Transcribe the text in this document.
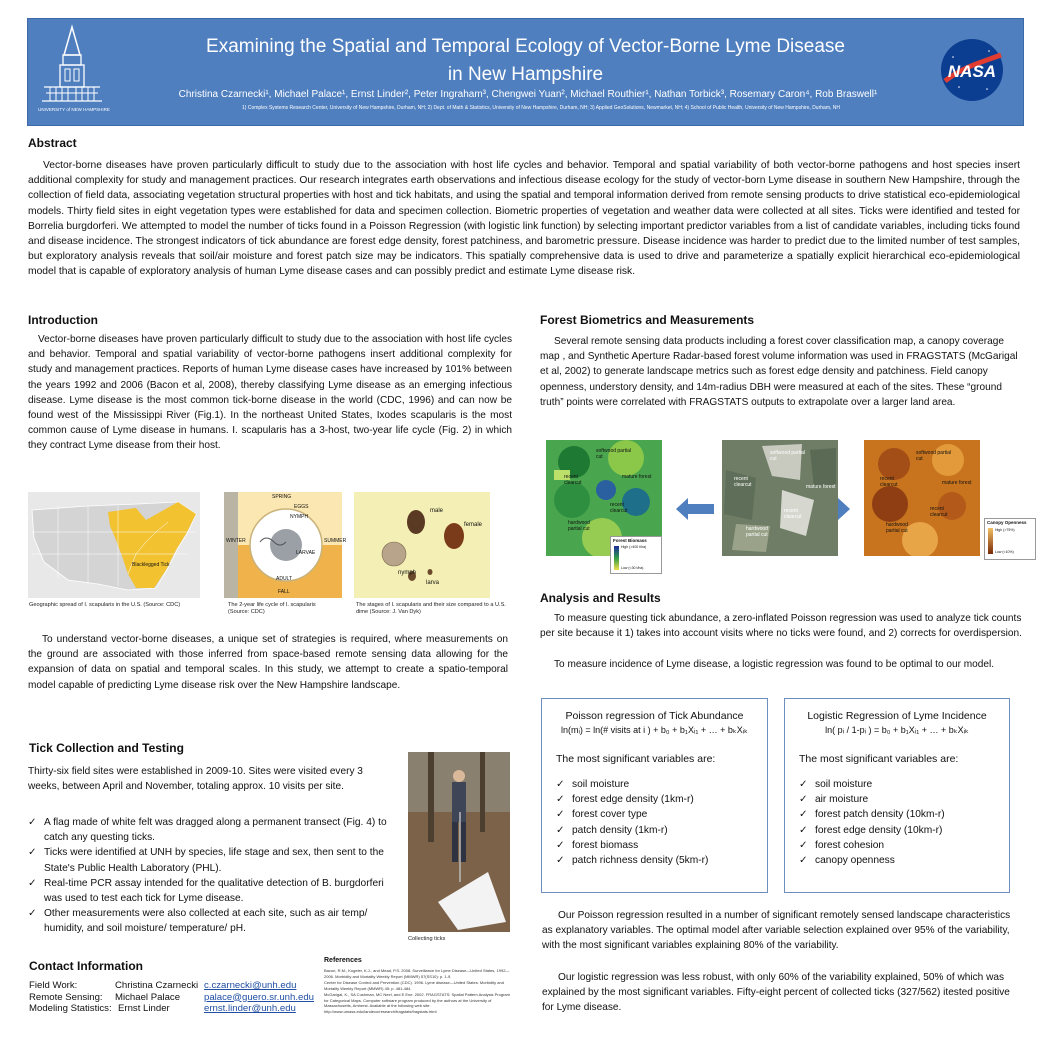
UNIVERSITY of NEW HAMPSHIRE
Examining the Spatial and Temporal Ecology of Vector-Borne Lyme Disease
in New Hampshire
Christina Czarnecki¹, Michael Palace¹, Ernst Linder², Peter Ingraham³, Chengwei Yuan², Michael Routhier¹, Nathan Torbick³, Rosemary Caron⁴, Rob Braswell¹
1) Complex Systems Research Center, University of New Hampshire, Durham, NH; 2) Dept. of Math & Statistics, University of New Hampshire, Durham, NH; 3) Applied GeoSolutions, Newmarket, NH; 4) School of Public Health, University of New Hampshire, Durham, NH
NASA
Abstract
Vector-borne diseases have proven particularly difficult to study due to the association with host life cycles and behavior. Temporal and spatial variability of both vector-borne pathogens and host species insert additional complexity for study and management practices. Our research integrates earth observations and infectious disease ecology for the study of vector-born Lyme disease in southern New Hampshire, through the collection of field data, associating vegetation structural properties with host and tick habitats, and using the spatial and temporal information derived from remote sensing products to drive statistical eco-epidemiological models. Thirty field sites in eight vegetation types were established for data and specimen collection. Biometric properties of vegetation and weather data were collected at all sites. Ticks were identified and tested for Borrelia burgdorferi. We attempted to model the number of ticks found in a Poisson Regression (with logistic link function) by selecting important predictor variables from a list of candidate variables, including ticks found and disease incidence. The strongest indicators of tick abundance are forest edge density, forest patchiness, and barometric pressure. Disease incidence was harder to predict due to the limited number of test samples, but exploratory analysis reveals that soil/air moisture and forest patch size may be indicators. This spatially comprehensive data is used to drive and parameterize a spatially explicit hierarchical eco-epidemiological model that is capable of exploratory analysis of human Lyme disease cases and can possibly predict and estimate Lyme disease risk.
Introduction
Vector-borne diseases have proven particularly difficult to study due to the association with host life cycles and behavior. Temporal and spatial variability of vector-borne pathogens insert additional complexity for study and management practices. Reports of human Lyme disease cases have increased by 101% between the years 1992 and 2006 (Bacon et al, 2008), thereby classifying Lyme disease as an emerging infectious disease. Lyme disease is the most common tick-borne disease in the world (CDC, 1996) and can now be found west of the Mississippi River (Fig.1). In the northeast United States, Ixodes scapularis is the most common cause of Lyme disease in humans. I. scapularis has a 3-host, two-year life cycle (Fig. 2) in which they contract Lyme disease from their host.
Blacklegged Tick
Geographic spread of I. scapularis in the U.S. (Source: CDC)
SPRING
SUMMER
FALL
WINTER
EGGS
NYMPH
LARVAE
ADULT
The 2-year life cycle of I. scapularis (Source: CDC)
male
female
nymph
larva
The stages of I. scapularis and their size compared to a U.S. dime (Source: J. Van Dyk)
To understand vector-borne diseases, a unique set of strategies is required, where measurements on the ground are associated with those inferred from space-based remote sensing data allowing for the expansion of data on spatial and temporal scales. In this study, we attempt to create a spatio-temporal model capable of predicting Lyme disease risk over the New Hampshire landscape.
Tick Collection and Testing
Thirty-six field sites were established in 2009-10. Sites were visited every 3 weeks, between April and November, totaling approx. 10 visits per site.
✓ A flag made of white felt was dragged along a permanent transect (Fig. 4) to catch any questing ticks.
✓ Ticks were identified at UNH by species, life stage and sex, then sent to the State's Public Health Laboratory (PHL).
✓ Real-time PCR assay intended for the qualitative detection of B. burgdorferi was used to test each tick for Lyme disease.
✓ Other measurements were also collected at each site, such as air temp/ humidity, and soil moisture/ temperature/ pH.
Collecting ticks
Contact Information
Field Work:	Christina Czarnecki c.czarnecki@unh.edu
Remote Sensing: Michael Palace palace@guero.sr.unh.edu
Modeling Statistics: Ernst Linder	ernst.linder@unh.edu
References
Bacon, R.M., Kugeler, K.J., and Mead, P.S. 2008. Surveillance for Lyme Disease—United States, 1992—2006. Morbidity and Mortality Weekly Report (MMWR) 57(SS10): p. 1-9.
Center for Disease Control and Prevention (CDC). 1996. Lyme disease—United States. Morbidity and Mortality Weekly Report (MMWR) 45: p. 481-484.
McGarigal, K., SA Cushman, MC Neel, and E Ene. 2002. FRAGSTATS: Spatial Pattern Analysis Program for Categorical Maps. Computer software program produced by the authors at the University of Massachusetts, Amherst. Available at the following web site: http://www.umass.edu/landeco/research/fragstats/fragstats.html
Forest Biometrics and Measurements
Several remote sensing data products including a forest cover classification map, a canopy coverage map , and Synthetic Aperture Radar-based forest volume information was used in FRAGSTATS (McGarigal et al, 2002) to generate landscape metrics such as forest edge density and patchiness. Field canopy openness, understory density, and 14m-radius DBH were measured at each of the sites. These “ground truth” points were correlated with FRAGSTATS outputs to extrapolate over a larger land area.
softwood partial cut
recent clearcut
mature forest
recent clearcut
hardwood partial cut
Forest Biomass
High (>400 t/ha)
Low (<30 t/ha)
softwood partial cut
recent clearcut	mature forest
recent clearcut
hardwood partial cut
softwood partial cut
recent clearcut	mature forest
recent clearcut
hardwood partial cut
Canopy Openness
High (>75%)
Low (<10%)
Analysis and Results
To measure questing tick abundance, a zero-inflated Poisson regression was used to analyze tick counts per site because it 1) takes into account visits where no ticks were found, and 2) corrects for overdispersion.
To measure incidence of Lyme disease, a logistic regression was found to be optimal to our model.
Poisson regression of Tick Abundance
ln(mᵢ) = ln(# visits at i ) + b₀ + b₁Xᵢ₁ + … + bₖXᵢₖ
The most significant variables are:
✓ soil moisture
✓ forest edge density (1km-r)
✓ forest cover type
✓ patch density (1km-r)
✓ forest biomass
✓ patch richness density (5km-r)
Logistic Regression of Lyme Incidence
ln( pᵢ / 1-pᵢ ) = b₀ + b₁Xᵢ₁ + … + bₖXᵢₖ
The most significant variables are:
✓ soil moisture
✓ air moisture
✓ forest patch density (10km-r)
✓ forest edge density (10km-r)
✓ forest cohesion
✓ canopy openness
Our Poisson regression resulted in a number of significant remotely sensed landscape characteristics as explanatory variables. The optimal model after variable selection explained over 95% of the variability, with the most significant variables explaining 80% of the variability.
Our logistic regression was less robust, with only 60% of the variability explained, 50% of which was explained by the most significant variables. Fifty-eight percent of collected ticks (327/562) itested positive for Lyme disease.
